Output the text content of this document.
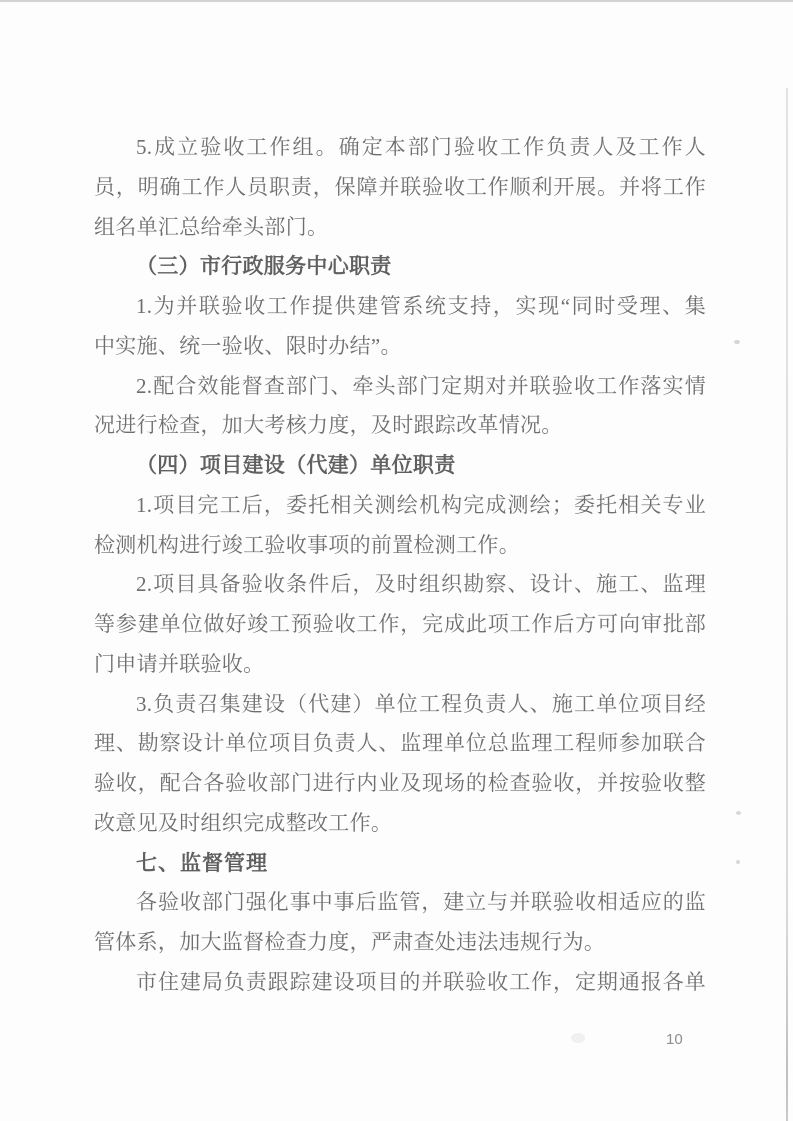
5.成立验收工作组。确定本部门验收工作负责人及工作人
员，明确工作人员职责，保障并联验收工作顺利开展。并将工作
组名单汇总给牵头部门。
（三）市行政服务中心职责
1.为并联验收工作提供建管系统支持，实现“同时受理、集
中实施、统一验收、限时办结”。
2.配合效能督查部门、牵头部门定期对并联验收工作落实情
况进行检查，加大考核力度，及时跟踪改革情况。
（四）项目建设（代建）单位职责
1.项目完工后，委托相关测绘机构完成测绘；委托相关专业
检测机构进行竣工验收事项的前置检测工作。
2.项目具备验收条件后，及时组织勘察、设计、施工、监理
等参建单位做好竣工预验收工作，完成此项工作后方可向审批部
门申请并联验收。
3.负责召集建设（代建）单位工程负责人、施工单位项目经
理、勘察设计单位项目负责人、监理单位总监理工程师参加联合
验收，配合各验收部门进行内业及现场的检查验收，并按验收整
改意见及时组织完成整改工作。
七、监督管理
各验收部门强化事中事后监管，建立与并联验收相适应的监
管体系，加大监督检查力度，严肃查处违法违规行为。
市住建局负责跟踪建设项目的并联验收工作，定期通报各单
10
